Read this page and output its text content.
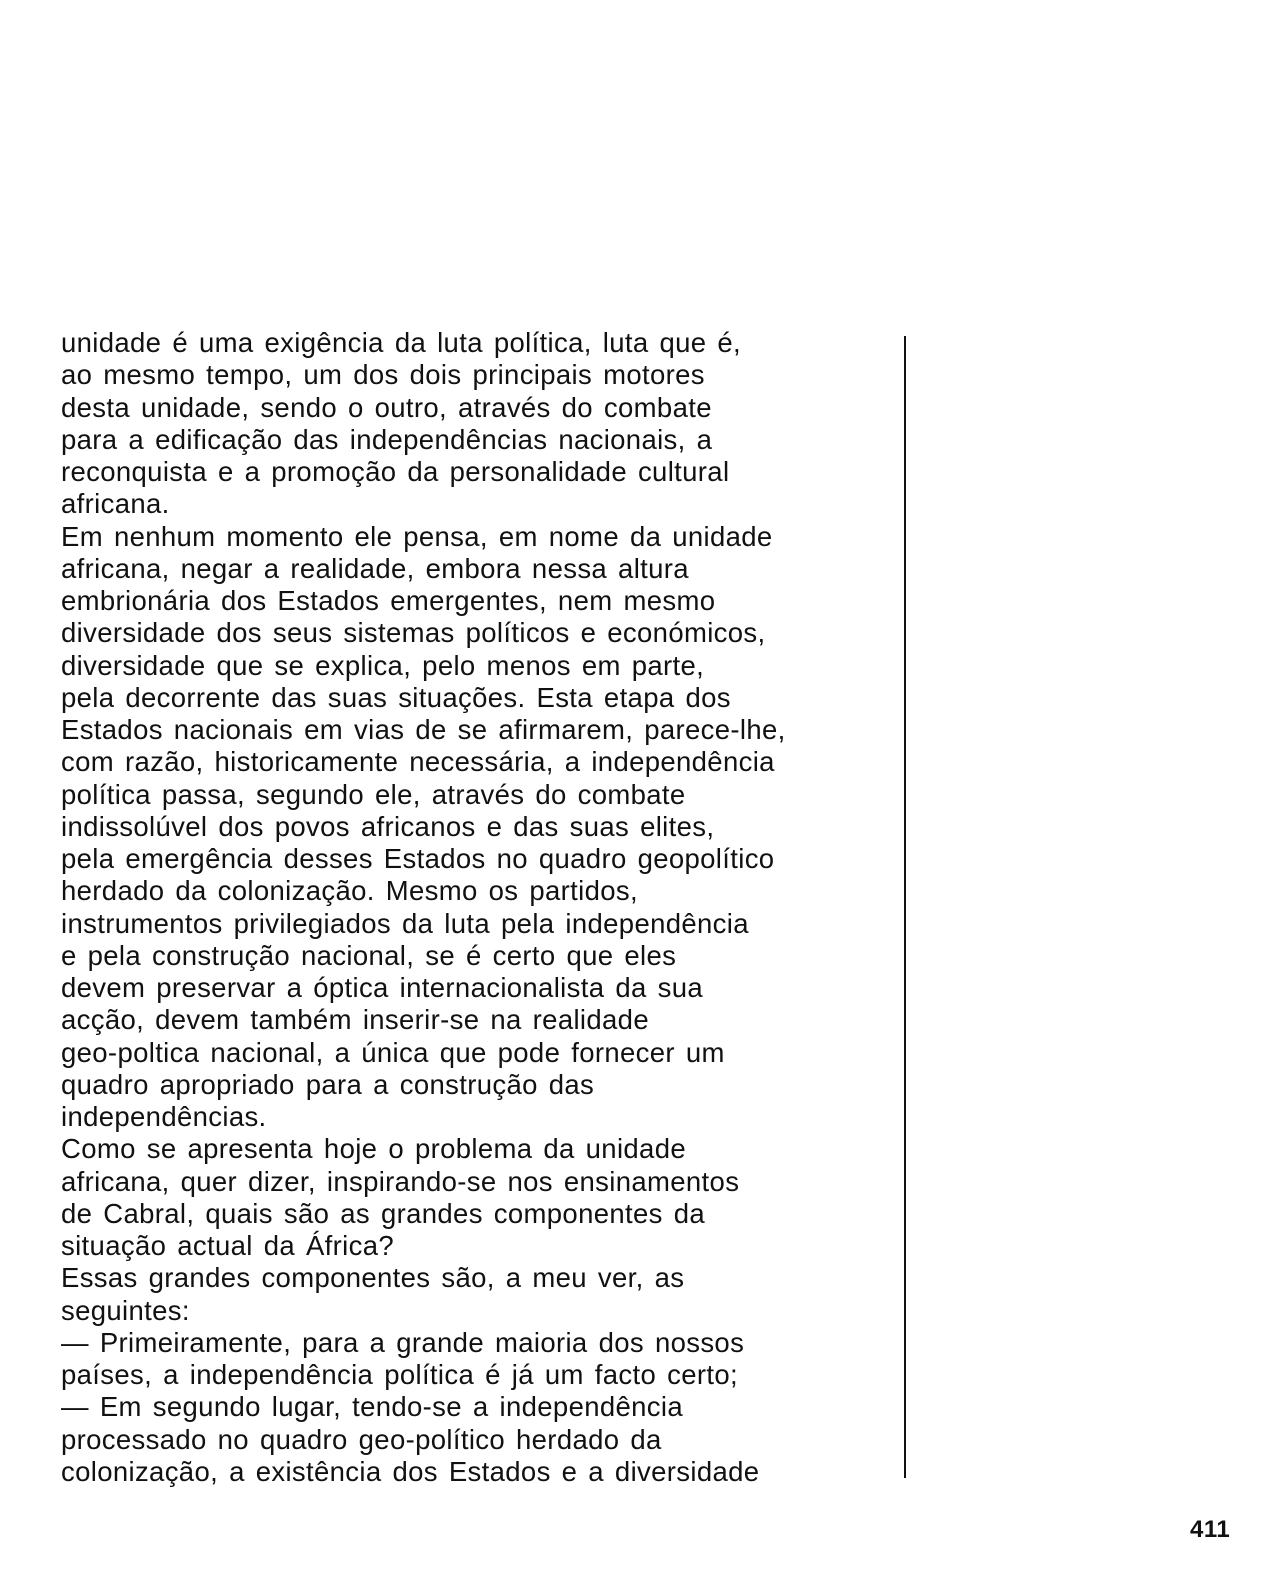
unidade é uma exigência da luta política, luta que é,
ao mesmo tempo, um dos dois principais motores
desta unidade, sendo o outro, através do combate
para a edificação das independências nacionais, a
reconquista e a promoção da personalidade cultural
africana.
Em nenhum momento ele pensa, em nome da unidade
africana, negar a realidade, embora nessa altura
embrionária dos Estados emergentes, nem mesmo
diversidade dos seus sistemas políticos e económicos,
diversidade que se explica, pelo menos em parte,
pela decorrente das suas situações. Esta etapa dos
Estados nacionais em vias de se afirmarem, parece-lhe,
com razão, historicamente necessária, a independência
política passa, segundo ele, através do combate
indissolúvel dos povos africanos e das suas elites,
pela emergência desses Estados no quadro geopolítico
herdado da colonização. Mesmo os partidos,
instrumentos privilegiados da luta pela independência
e pela construção nacional, se é certo que eles
devem preservar a óptica internacionalista da sua
acção, devem também inserir-se na realidade
geo-poltica nacional, a única que pode fornecer um
quadro apropriado para a construção das
independências.
Como se apresenta hoje o problema da unidade
africana, quer dizer, inspirando-se nos ensinamentos
de Cabral, quais são as grandes componentes da
situação actual da África?
Essas grandes componentes são, a meu ver, as
seguintes:
— Primeiramente, para a grande maioria dos nossos
países, a independência política é já um facto certo;
— Em segundo lugar, tendo-se a independência
processado no quadro geo-político herdado da
colonização, a existência dos Estados e a diversidade
411
